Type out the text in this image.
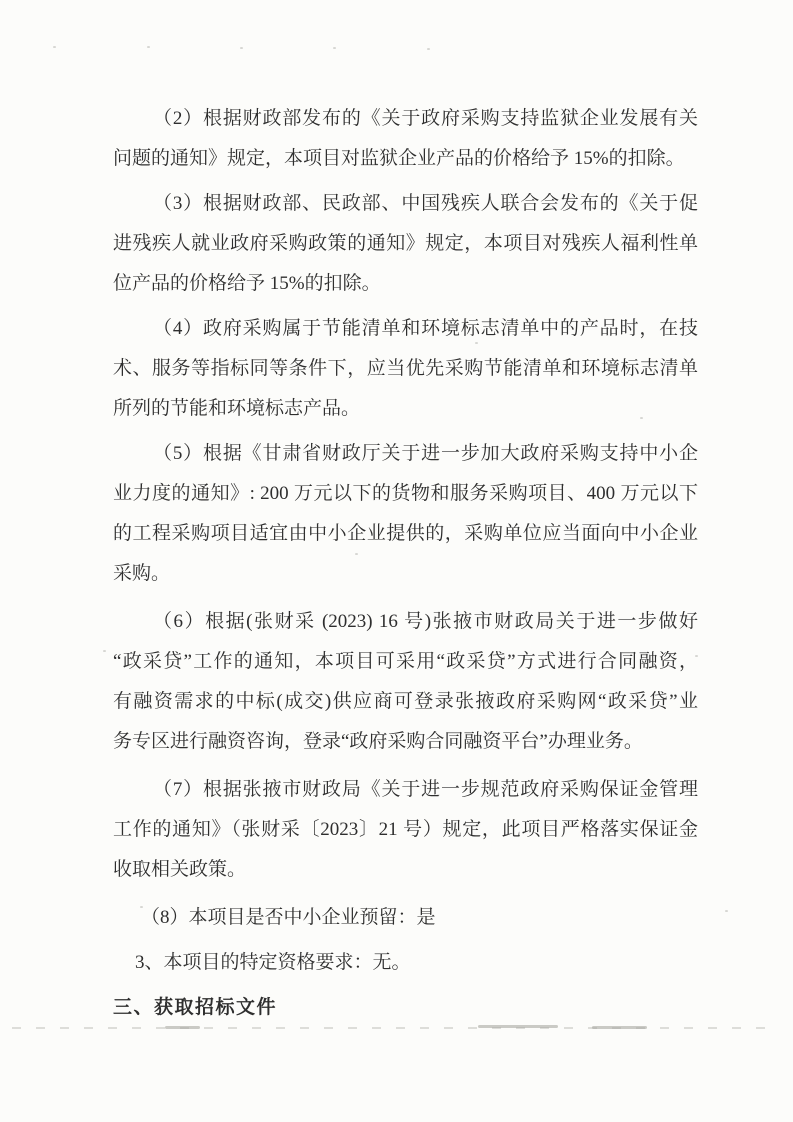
（2）根据财政部发布的《关于政府采购支持监狱企业发展有关
问题的通知》规定，本项目对监狱企业产品的价格给予 15%的扣除。
（3）根据财政部、民政部、中国残疾人联合会发布的《关于促
进残疾人就业政府采购政策的通知》规定，本项目对残疾人福利性单
位产品的价格给予 15%的扣除。
（4）政府采购属于节能清单和环境标志清单中的产品时，在技
术、服务等指标同等条件下，应当优先采购节能清单和环境标志清单
所列的节能和环境标志产品。
（5）根据《甘肃省财政厅关于进一步加大政府采购支持中小企
业力度的通知》: 200 万元以下的货物和服务采购项目、400 万元以下
的工程采购项目适宜由中小企业提供的，采购单位应当面向中小企业
采购。
（6）根据(张财采 (2023) 16 号)张掖市财政局关于进一步做好
“政采贷”工作的通知，本项目可采用“政采贷”方式进行合同融资，
有融资需求的中标(成交)供应商可登录张掖政府采购网“政采贷”业
务专区进行融资咨询，登录“政府采购合同融资平台”办理业务。
（7）根据张掖市财政局《关于进一步规范政府采购保证金管理
工作的通知》（张财采〔2023〕21 号）规定，此项目严格落实保证金
收取相关政策。
（8）本项目是否中小企业预留：是
3、本项目的特定资格要求：无。
三、获取招标文件
